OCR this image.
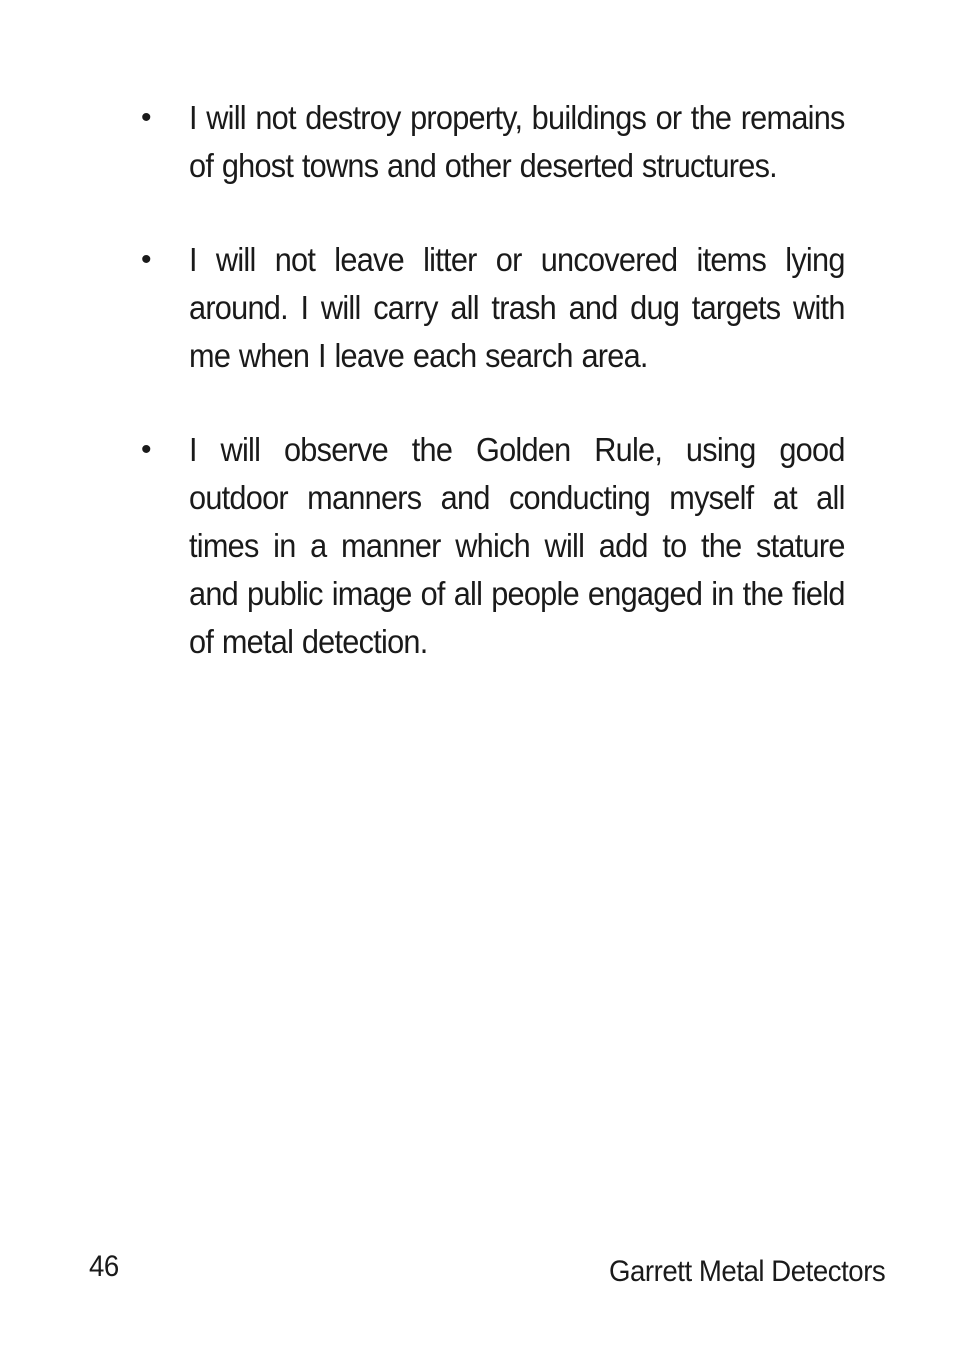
• I will not destroy property, buildings or the remains of ghost towns and other deserted structures.
• I will not leave litter or uncovered items lying around. I will carry all trash and dug targets with me when I leave each search area.
• I will observe the Golden Rule, using good outdoor manners and conducting myself at all times in a manner which will add to the stature and public image of all people engaged in the field of metal detection.
46	Garrett Metal Detectors
